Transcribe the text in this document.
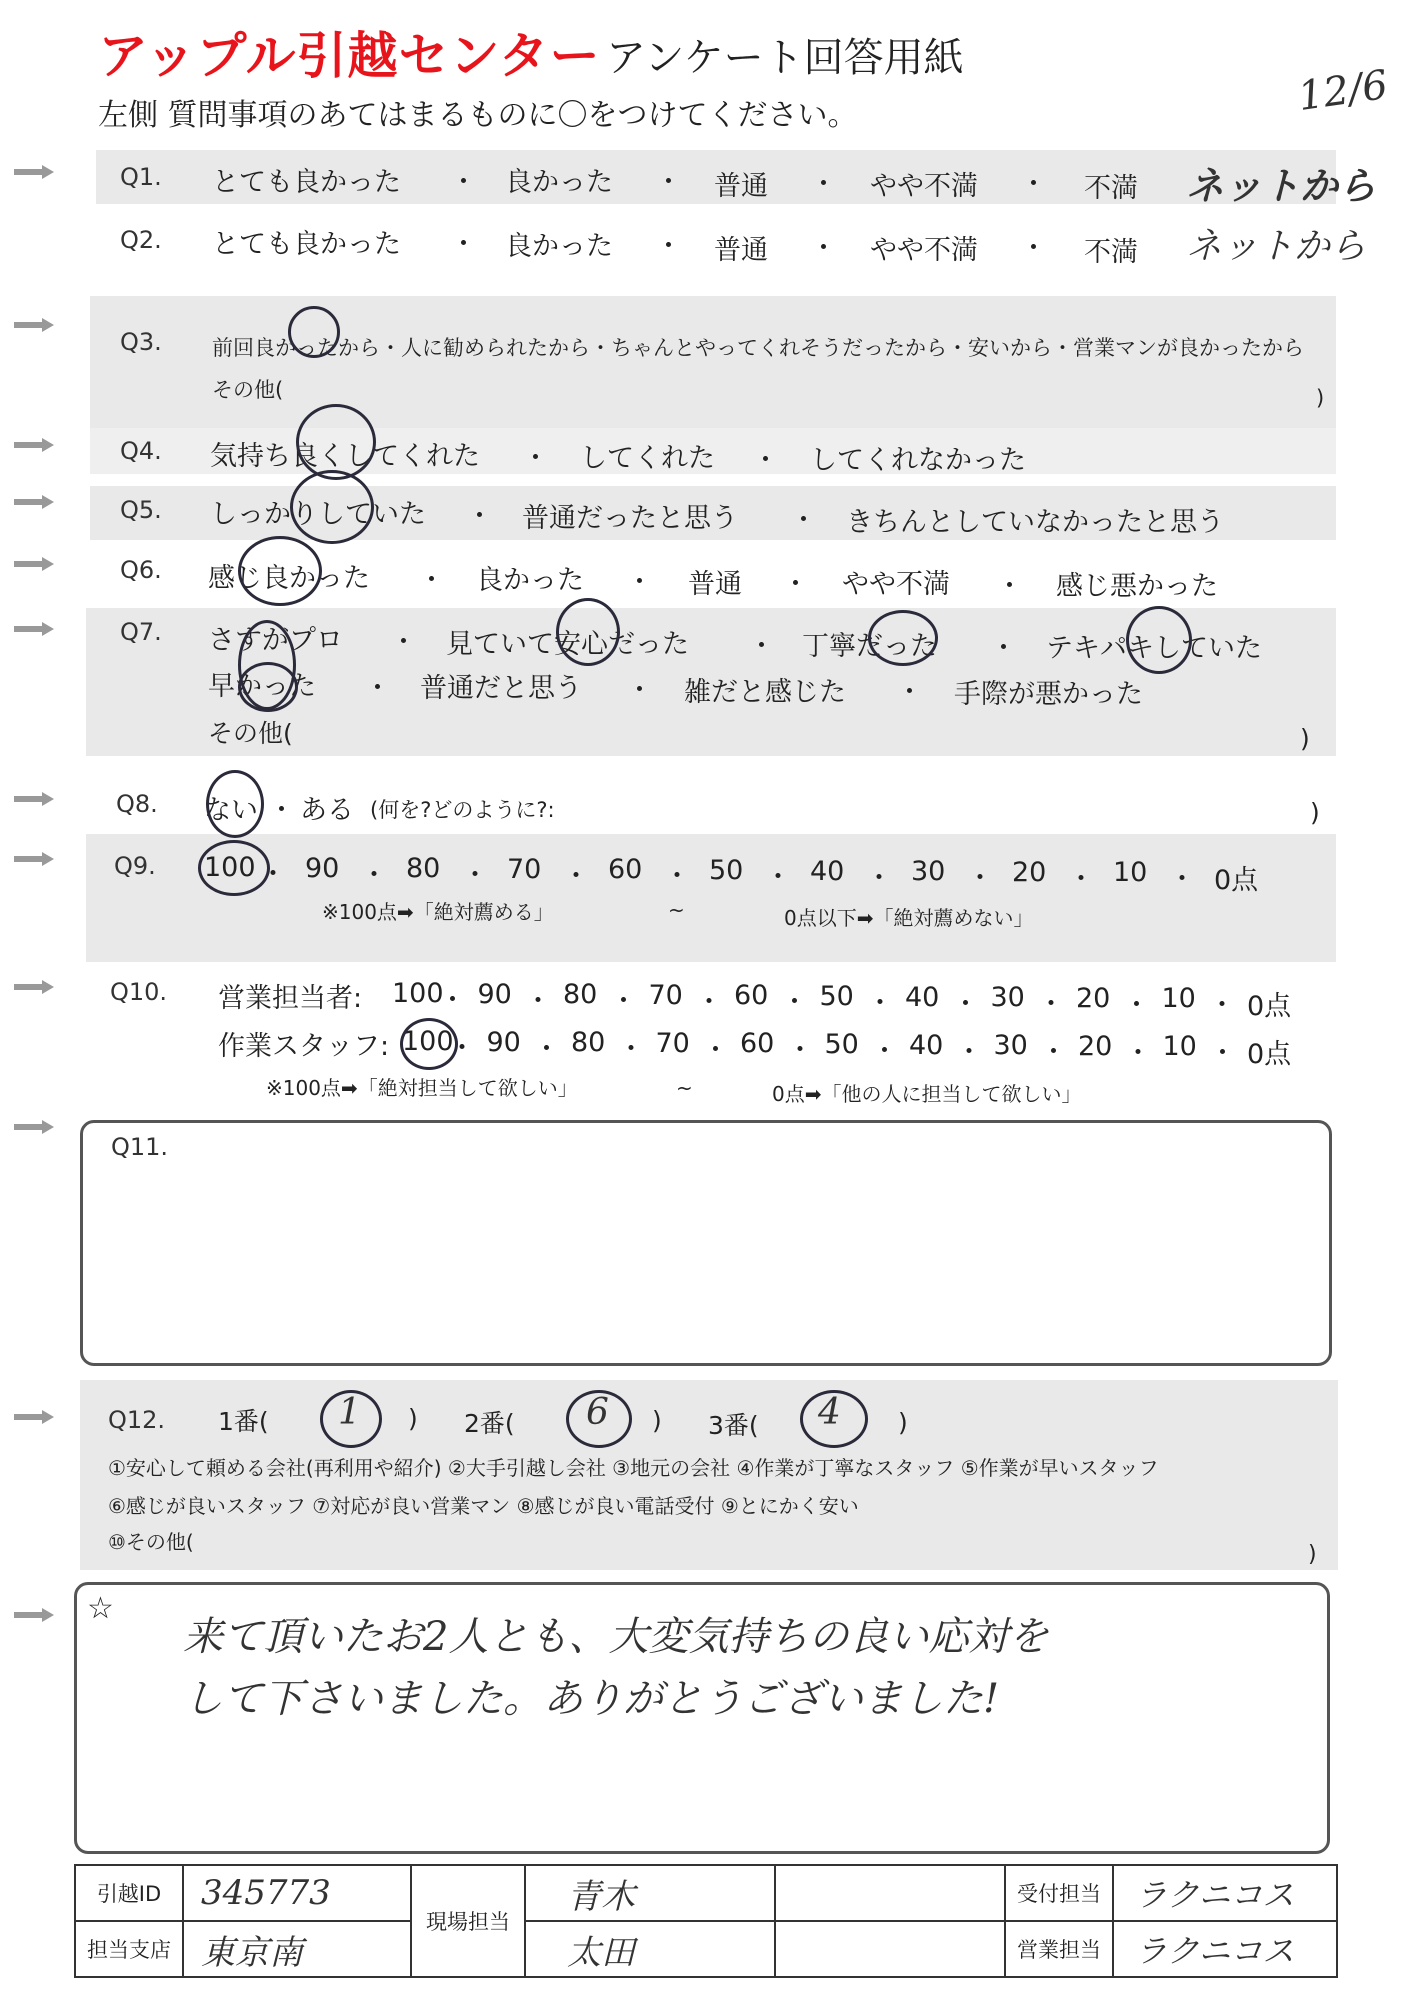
アップル引越センター アンケート回答用紙
左側 質問事項のあてはまるものに〇をつけてください。	12/6
Q1. とても良かった ・ 良かった ・ 普通 ・ やや不満 ・ 不満 ネットから
Q2. とても良かった ・ 良かった ・ 普通 ・ やや不満 ・ 不満 ネットから
Q3. 前回良かったから・人に勧められたから・ちゃんとやってくれそうだったから・安いから・営業マンが良かったから
その他(	)
Q4. 気持ち良くしてくれた ・ してくれた ・ してくれなかった
Q5. しっかりしていた ・ 普通だったと思う ・ きちんとしていなかったと思う
Q6. 感じ良かった ・ 良かった ・ 普通 ・ やや不満 ・ 感じ悪かった
Q7. さすがプロ ・ 見ていて安心だった ・ 丁寧だった ・ テキパキしていた
早かった ・ 普通だと思う ・ 雑だと感じた ・ 手際が悪かった
その他(	)
Q8. ない ・ ある (何を?どのように?:	)
Q9. 100 ・ 90 ・ 80 ・ 70 ・ 60 ・ 50 ・ 40 ・ 30 ・ 20 ・ 10 ・ 0点
※100点➡「絶対薦める」	~	0点以下➡「絶対薦めない」
Q10. 営業担当者: 100
・ 90 ・ 80 ・ 70 ・ 60 ・ 50 ・ 40 ・ 30 ・ 20 ・ 10 ・ 0点
作業スタッフ: 100
・ 90 ・ 80 ・ 70 ・ 60 ・ 50 ・ 40 ・ 30 ・ 20 ・ 10 ・ 0点
※100点➡「絶対担当して欲しい」	~	0点➡「他の人に担当して欲しい」
Q11.
Q12. 1番( 1 ) 2番( 6 ) 3番( 4 )
①安心して頼める会社(再利用や紹介) ②大手引越し会社 ③地元の会社 ④作業が丁寧なスタッフ ⑤作業が早いスタッフ
⑥感じが良いスタッフ ⑦対応が良い営業マン ⑧感じが良い電話受付 ⑨とにかく安い
⑩その他(	)
☆
来て頂いたお2人とも、大変気持ちの良い応対を
して下さいました。ありがとうございました!
引越ID	345773	現場担当	青木		受付担当	ラクニコス
担当支店	東京南		太田		営業担当	ラクニコス
